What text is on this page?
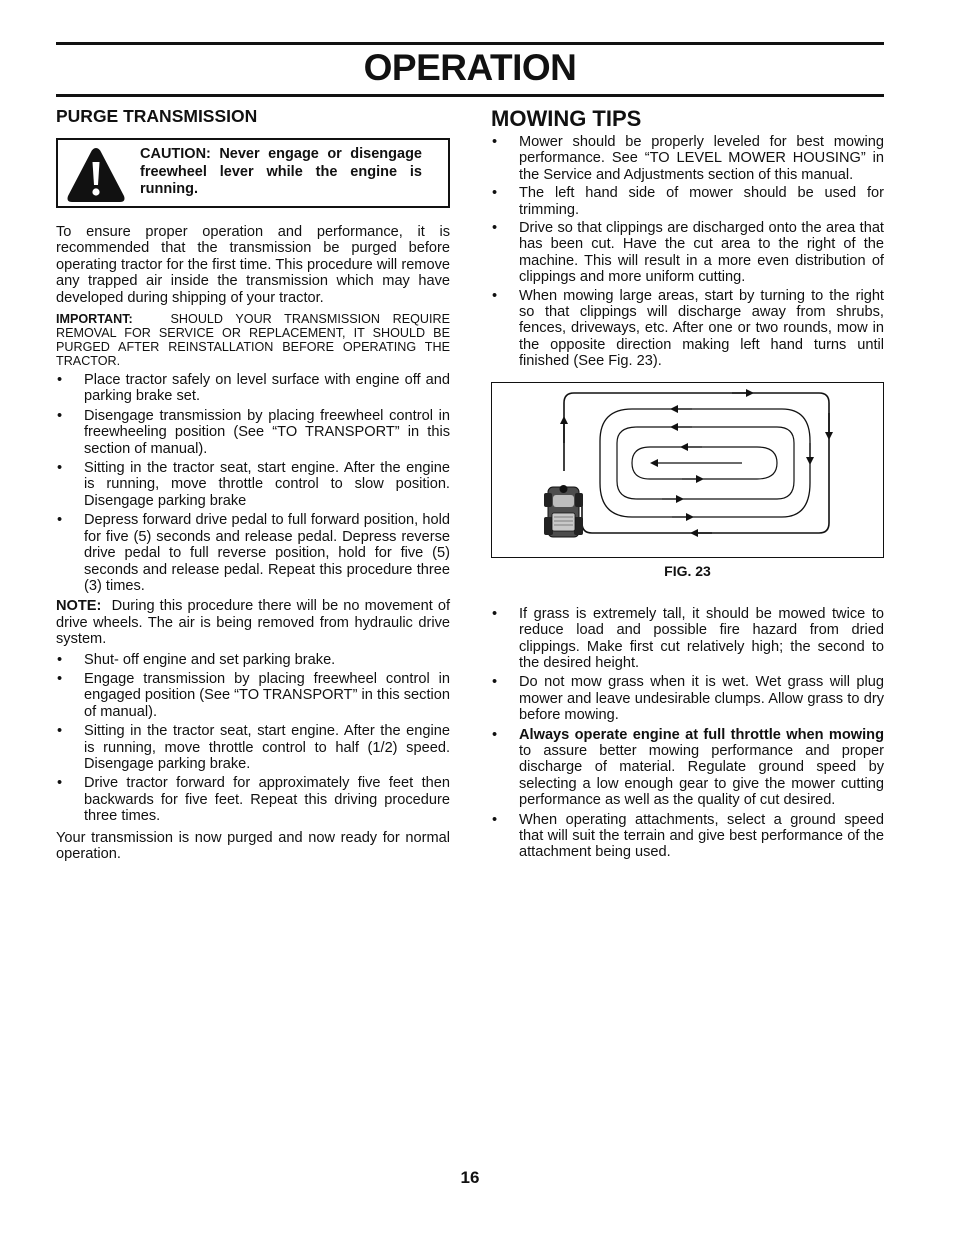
OPERATION
PURGE TRANSMISSION
CAUTION: Never engage or disengage freewheel lever while the engine is running.

To ensure proper operation and performance, it is recommended that the transmission be purged before operating tractor for the first time. This procedure will remove any trapped air inside the transmission which may have developed during shipping of your tractor.

IMPORTANT:	SHOULD YOUR TRANSMISSION REQUIRE REMOVAL FOR SERVICE OR REPLACEMENT, IT SHOULD BE PURGED AFTER REINSTALLATION BEFORE OPERATING THE TRACTOR.

• Place tractor safely on level surface with engine off and parking brake set.
• Disengage transmission by placing freewheel control in freewheeling position (See “TO TRANSPORT” in this section of manual).
• Sitting in the tractor seat, start engine. After the engine is running, move throttle control to slow position. Disengage parking brake
• Depress forward drive pedal to full forward position, hold for five (5) seconds and release pedal. Depress reverse drive pedal to full reverse position, hold for five (5) seconds and release pedal. Repeat this procedure three (3) times.

NOTE: During this procedure there will be no movement of drive wheels. The air is being removed from hydraulic drive system.

• Shut- off engine and set parking brake.
• Engage transmission by placing freewheel control in engaged position (See “TO TRANSPORT” in this section of manual).
• Sitting in the tractor seat, start engine. After the engine is running, move throttle control to half (1/2) speed. Disengage parking brake.
• Drive tractor forward for approximately five feet then backwards for five feet. Repeat this driving procedure three times.

Your transmission is now purged and now ready for normal operation.

MOWING TIPS
• Mower should be properly leveled for best mowing performance. See “TO LEVEL MOWER HOUSING” in the Service and Adjustments section of this manual.
• The left hand side of mower should be used for trimming.
• Drive so that clippings are discharged onto the area that has been cut. Have the cut area to the right of the machine. This will result in a more even distribution of clippings and more uniform cutting.
• When mowing large areas, start by turning to the right so that clippings will discharge away from shrubs, fences, driveways, etc. After one or two rounds, mow in the opposite direction making left hand turns until finished (See Fig. 23).
FIG. 23
• If grass is extremely tall, it should be mowed twice to reduce load and possible fire hazard from dried clippings. Make first cut relatively high; the second to the desired height.
• Do not mow grass when it is wet. Wet grass will plug mower and leave undesirable clumps. Allow grass to dry before mowing.
• Always operate engine at full throttle when mowing to assure better mowing performance and proper discharge of material. Regulate ground speed by selecting a low enough gear to give the mower cutting performance as well as the quality of cut desired.
• When operating attachments, select a ground speed that will suit the terrain and give best performance of the attachment being used.
16
